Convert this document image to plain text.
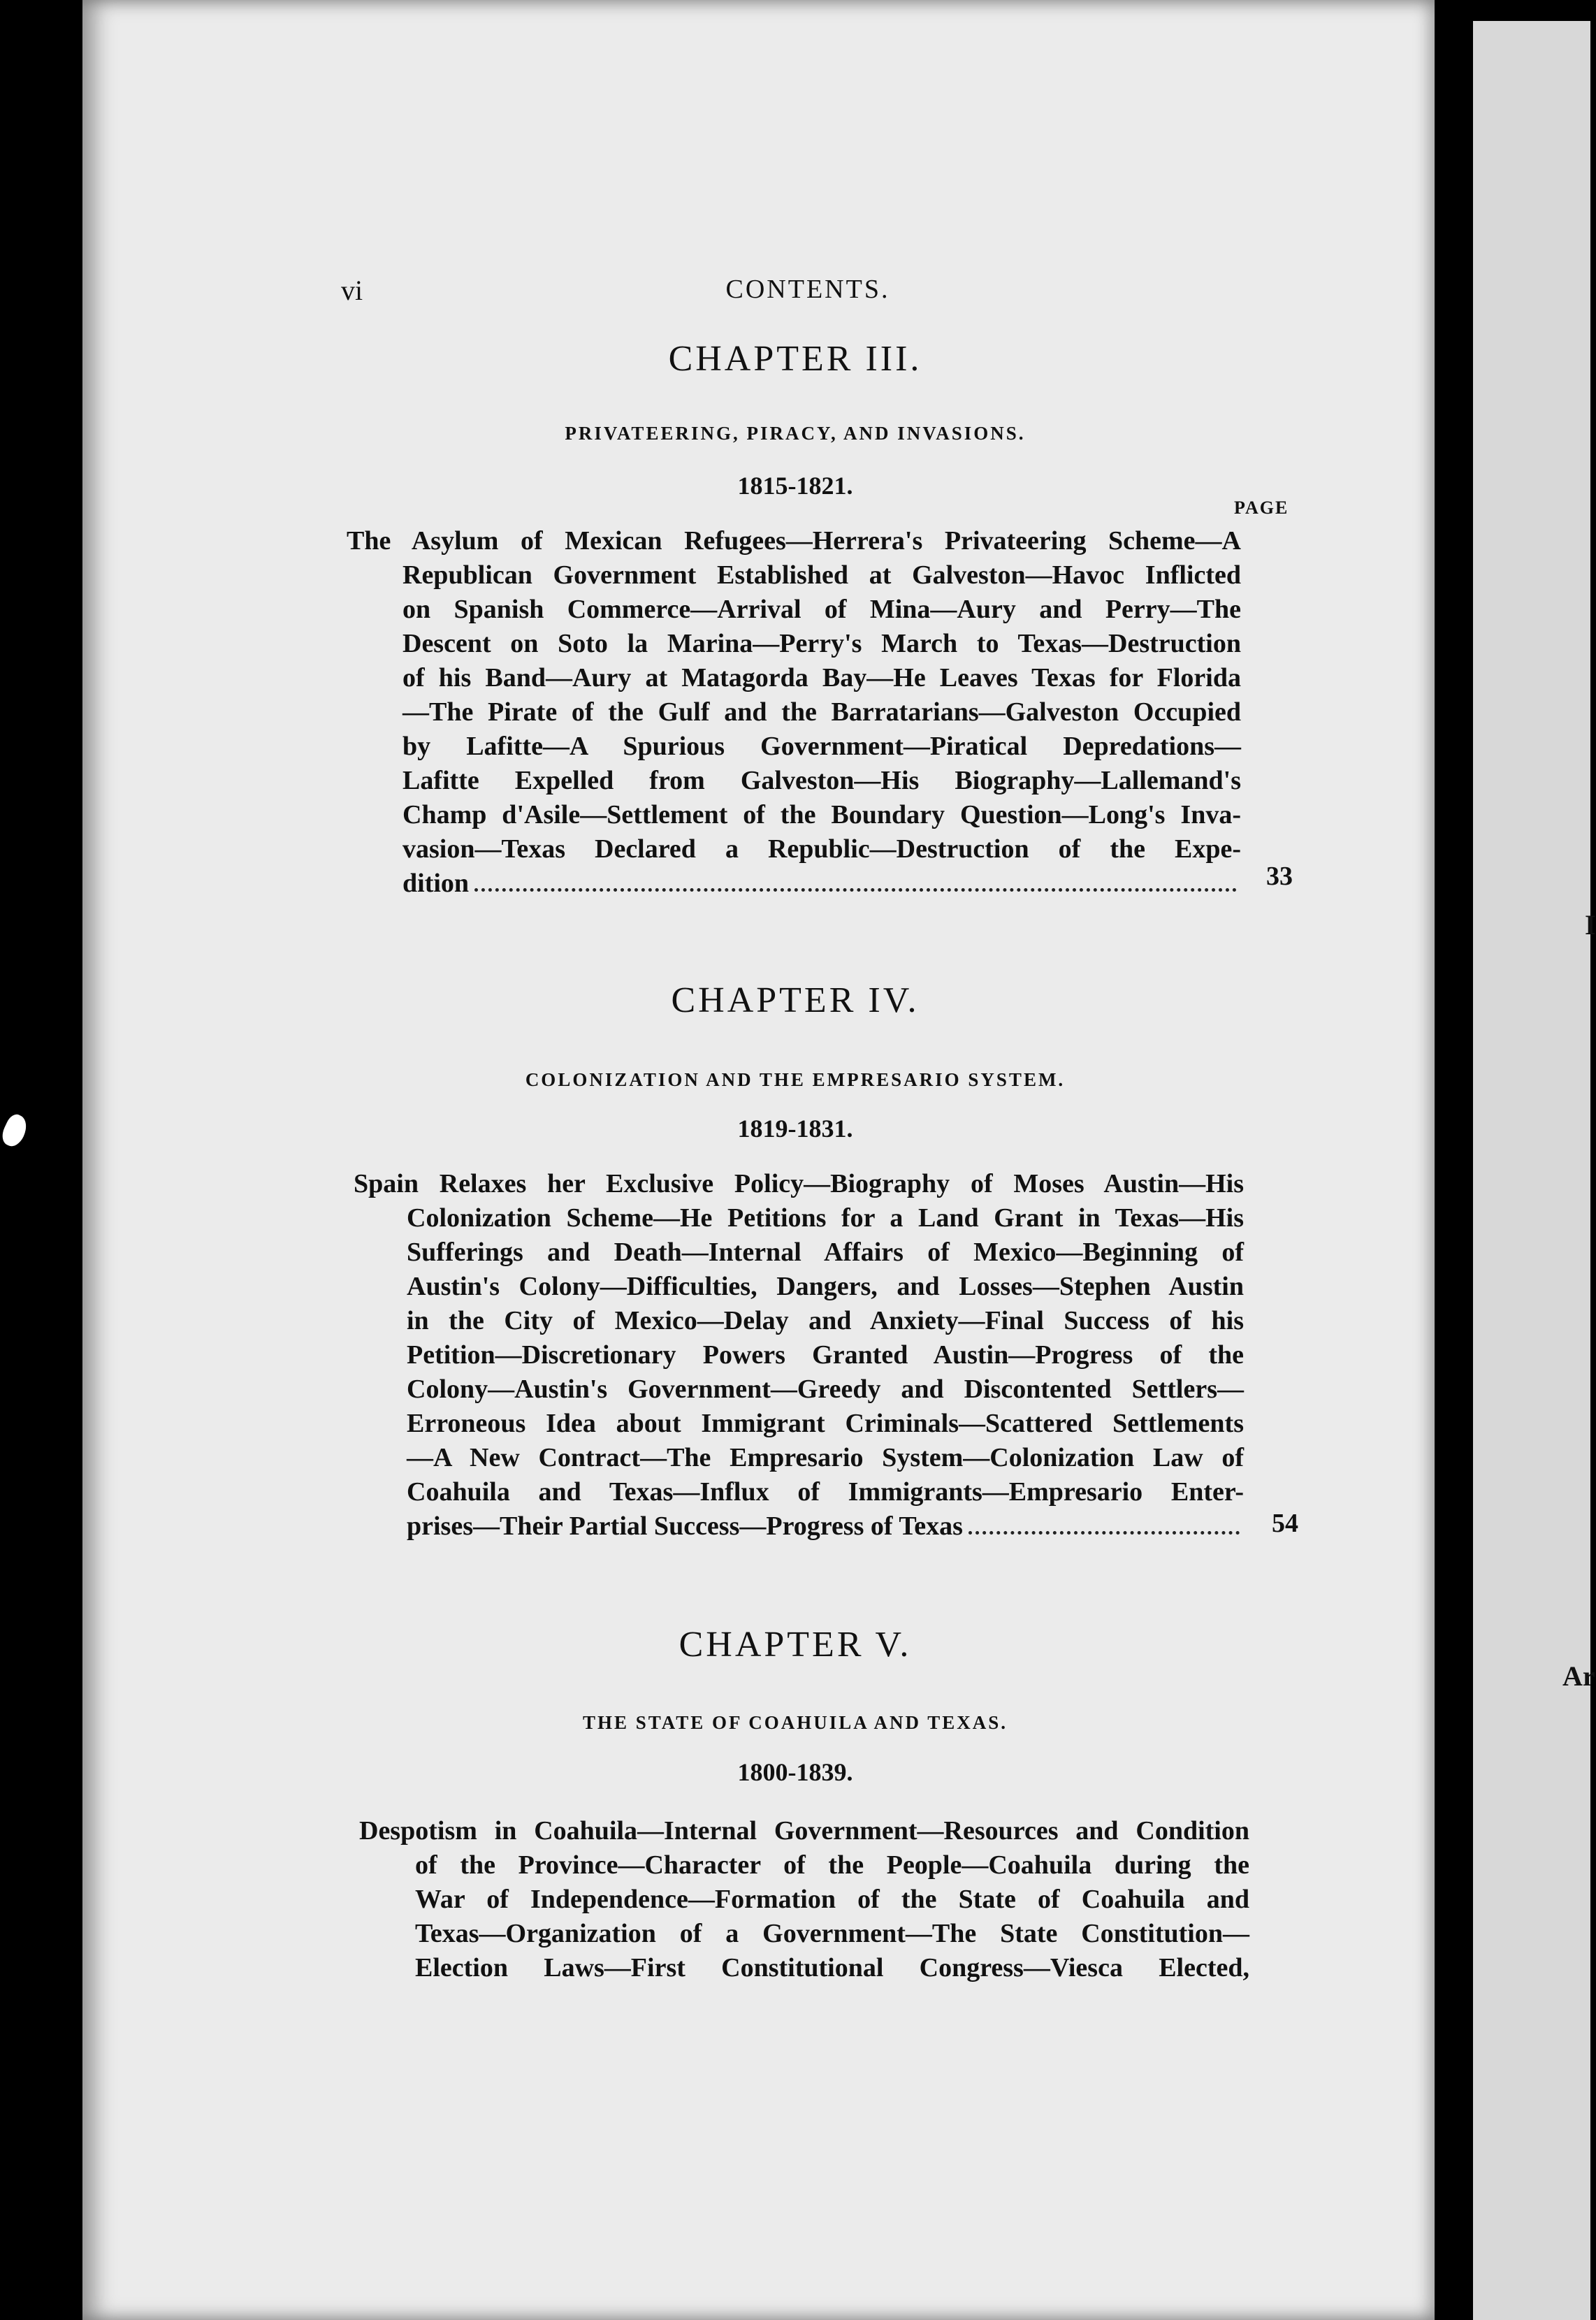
I
Ar
vi	CONTENTS.
CHAPTER III.
PRIVATEERING, PIRACY, AND INVASIONS.
1815-1821.
PAGE
The Asylum of Mexican Refugees—Herrera's Privateering Scheme—A
Republican Government Established at Galveston—Havoc Inflicted
on Spanish Commerce—Arrival of Mina—Aury and Perry—The
Descent on Soto la Marina—Perry's March to Texas—Destruction
of his Band—Aury at Matagorda Bay—He Leaves Texas for Florida
—The Pirate of the Gulf and the Barratarians—Galveston Occupied
by Lafitte—A Spurious Government—Piratical Depredations—
Lafitte Expelled from Galveston—His Biography—Lallemand's
Champ d'Asile—Settlement of the Boundary Question—Long's Inva-
vasion—Texas Declared a Republic—Destruction of the Expe-
dition	33
CHAPTER IV.
COLONIZATION AND THE EMPRESARIO SYSTEM.
1819-1831.
Spain Relaxes her Exclusive Policy—Biography of Moses Austin—His
Colonization Scheme—He Petitions for a Land Grant in Texas—His
Sufferings and Death—Internal Affairs of Mexico—Beginning of
Austin's Colony—Difficulties, Dangers, and Losses—Stephen Austin
in the City of Mexico—Delay and Anxiety—Final Success of his
Petition—Discretionary Powers Granted Austin—Progress of the
Colony—Austin's Government—Greedy and Discontented Settlers—
Erroneous Idea about Immigrant Criminals—Scattered Settlements
—A New Contract—The Empresario System—Colonization Law of
Coahuila and Texas—Influx of Immigrants—Empresario Enter-
prises—Their Partial Success—Progress of Texas	54
CHAPTER V.
THE STATE OF COAHUILA AND TEXAS.
1800-1839.
Despotism in Coahuila—Internal Government—Resources and Condition
of the Province—Character of the People—Coahuila during the
War of Independence—Formation of the State of Coahuila and
Texas—Organization of a Government—The State Constitution—
Election Laws—First Constitutional Congress—Viesca Elected,
